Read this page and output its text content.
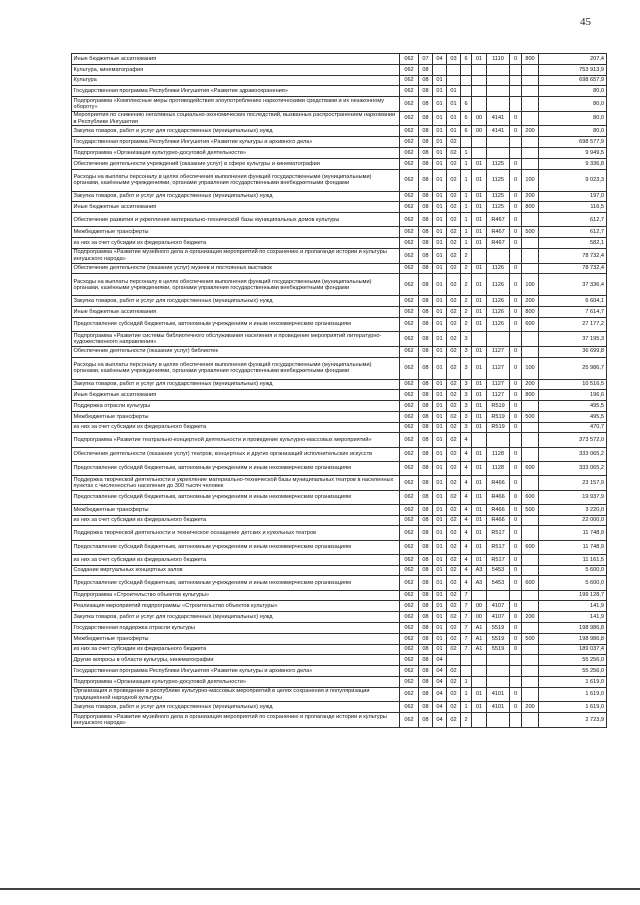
45
Иные бюджетные ассигнования	062	07	04	03	6	01	1110	0	800	207,4
Культура, кинематография	062	08								753 913,9
Культура	062	08	01							698 657,9
Государственная программа Республики Ингушетия «Развитие здравоохранения»	062	08	01	01						80,0
Подпрограмма «Комплексные меры противодействия злоупотреблению наркотическими средствами и их незаконному обороту»	062	08	01	01	6					80,0
Мероприятия по снижению негативных социально-экономических последствий, вызванных распространением наркомании в Республике Ингушетия	062	08	01	01	6	00	4141	0		80,0
Закупка товаров, работ и услуг для государственных (муниципальных) нужд	062	08	01	01	6	00	4141	0	200	80,0
Государственная программа Республики Ингушетия «Развитие культуры и архивного дела»	062	08	01	02						698 577,9
Подпрограмма «Организация культурно-досуговой деятельности»	062	08	01	02	1					9 949,5
Обеспечение деятельности учреждений (оказание услуг) в сфере культуры и кинематографии	062	08	01	02	1	01	1125	0		9 336,8
Расходы на выплаты персоналу в целях обеспечения выполнения функций государственными (муниципальными) органами, казёнными учреждениями, органами управления государственными внебюджетными фондами	062	08	01	02	1	01	1125	0	100	9 023,3
Закупка товаров, работ и услуг для государственных (муниципальных) нужд	062	08	01	02	1	01	1125	0	200	197,0
Иные бюджетные ассигнования	062	08	01	02	1	01	1125	0	800	116,5
Обеспечение развития и укрепления материально-технической базы муниципальных домов культуры	062	08	01	02	1	01	R467	0		612,7
Межбюджетные трансферты	062	08	01	02	1	01	R467	0	500	612,7
из них за счет субсидии из федерального бюджета	062	08	01	02	1	01	R467	0		582,1
Подпрограмма «Развитие музейного дела и организация мероприятий по сохранению и пропаганде истории и культуры ингушского народа»	062	08	01	02	2					78 732,4
Обеспечение деятельности (оказание услуг) музеев и постоянных выставок	062	08	01	02	2	01	1126	0		78 732,4
Расходы на выплаты персоналу в целях обеспечения выполнения функций государственными (муниципальными) органами, казёнными учреждениями, органами управления государственными внебюджетными фондами	062	08	01	02	2	01	1126	0	100	37 336,4
Закупка товаров, работ и услуг для государственных (муниципальных) нужд	062	08	01	02	2	01	1126	0	200	6 604,1
Иные бюджетные ассигнования	062	08	01	02	2	01	1126	0	800	7 614,7
Предоставление субсидий бюджетным, автономным учреждениям и иным некоммерческим организациям	062	08	01	02	2	01	1126	0	600	27 177,2
Подпрограмма «Развитие системы библиотечного обслуживания населения и проведение мероприятий литературно-художественного направления»	062	08	01	02	3					37 195,3
Обеспечение деятельности (оказание услуг) библиотек	062	08	01	02	3	01	1127	0		36 699,8
Расходы на выплаты персоналу в целях обеспечения выполнения функций государственными (муниципальными) органами, казёнными учреждениями, органами управления государственными внебюджетными фондами	062	08	01	02	3	01	1127	0	100	25 986,7
Закупка товаров, работ и услуг для государственных (муниципальных) нужд	062	08	01	02	3	01	1127	0	200	10 516,5
Иные бюджетные ассигнования	062	08	01	02	3	01	1127	0	800	196,6
Поддержка отрасли культуры	062	08	01	02	3	01	R519	0		495,5
Межбюджетные трансферты	062	08	01	02	3	01	R519	0	500	495,5
из них за счет субсидии из федерального бюджета	062	08	01	02	3	01	R519	0		470,7
Подпрограмма «Развитие театрально-концертной деятельности и проведение культурно-массовых мероприятий»	062	08	01	02	4					373 572,0
Обеспечение деятельности (оказание услуг) театров, концертных и других организаций исполнительских искусств	062	08	01	02	4	01	1128	0		333 065,2
Предоставление субсидий бюджетным, автономным учреждениям и иным некоммерческим организациям	062	08	01	02	4	01	1128	0	600	333 065,2
Поддержка творческой деятельности и укрепление материально-технической базы муниципальных театров в населенных пунктах с численностью населения до 300 тысяч человек	062	08	01	02	4	01	R466	0		23 157,9
Предоставление субсидий бюджетным, автономным учреждениям и иным некоммерческим организациям	062	08	01	02	4	01	R466	0	600	19 937,9
Межбюджетные трансферты	062	08	01	02	4	01	R466	0	500	3 220,0
из них за счет субсидии из федерального бюджета	062	08	01	02	4	01	R466	0		22 000,0
Поддержка творческой деятельности и техническое оснащение детских и кукольных театров	062	08	01	02	4	01	R517	0		11 748,9
Предоставление субсидий бюджетным, автономным учреждениям и иным некоммерческим организациям	062	08	01	02	4	01	R517	0	600	11 748,9
из них за счет субсидии из федерального бюджета	062	08	01	02	4	01	R517	0		11 161,5
Создание виртуальных концертных залов	062	08	01	02	4	A3	5453	0		5 600,0
Предоставление субсидий бюджетным, автономным учреждениям и иным некоммерческим организациям	062	08	01	02	4	A3	5453	0	600	5 600,0
Подпрограмма «Строительство объектов культуры»	062	08	01	02	7					199 128,7
Реализация мероприятий подпрограммы «Строительство объектов культуры»	062	08	01	02	7	00	4107	0		141,9
Закупка товаров, работ и услуг для государственных (муниципальных) нужд	062	08	01	02	7	00	4107	0	200	141,9
Государственная поддержка отрасли культуры	062	08	01	02	7	A1	5519	0		198 986,8
Межбюджетные трансферты	062	08	01	02	7	A1	5519	0	500	198 986,8
из них за счет субсидии из федерального бюджета	062	08	01	02	7	A1	5519	0		189 037,4
Другие вопросы в области культуры, кинематографии	062	08	04							55 256,0
Государственная программа Республики Ингушетия «Развитие культуры и архивного дела»	062	08	04	02						55 256,0
Подпрограмма «Организация культурно-досуговой деятельности»	062	08	04	02	1					1 619,0
Организация и проведение в республике культурно-массовых мероприятий в целях сохранения и популяризации традиционной народной культуры	062	08	04	02	1	01	4101	0		1 619,0
Закупка товаров, работ и услуг для государственных (муниципальных) нужд	062	08	04	02	1	01	4101	0	200	1 619,0
Подпрограмма «Развитие музейного дела и организация мероприятий по сохранению и пропаганде истории и культуры ингушского народа»	062	08	04	02	2					2 723,9
